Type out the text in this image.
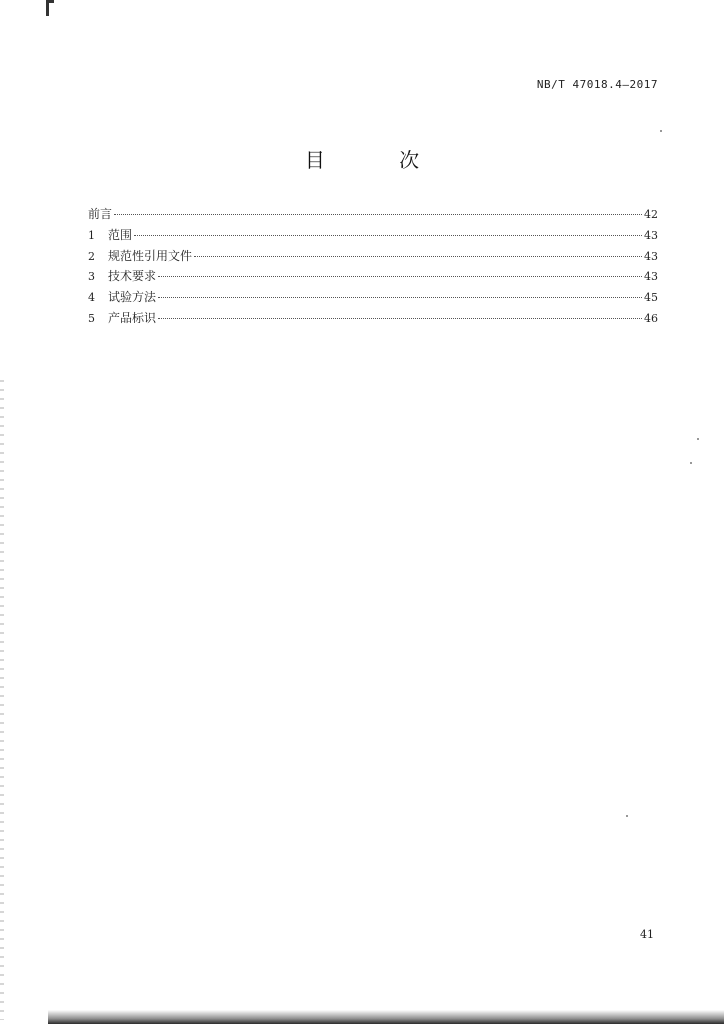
NB/T 47018.4—2017
目 次
前言	42
1	范围	43
2	规范性引用文件	43
3	技术要求	43
4	试验方法	45
5	产品标识	46
41
